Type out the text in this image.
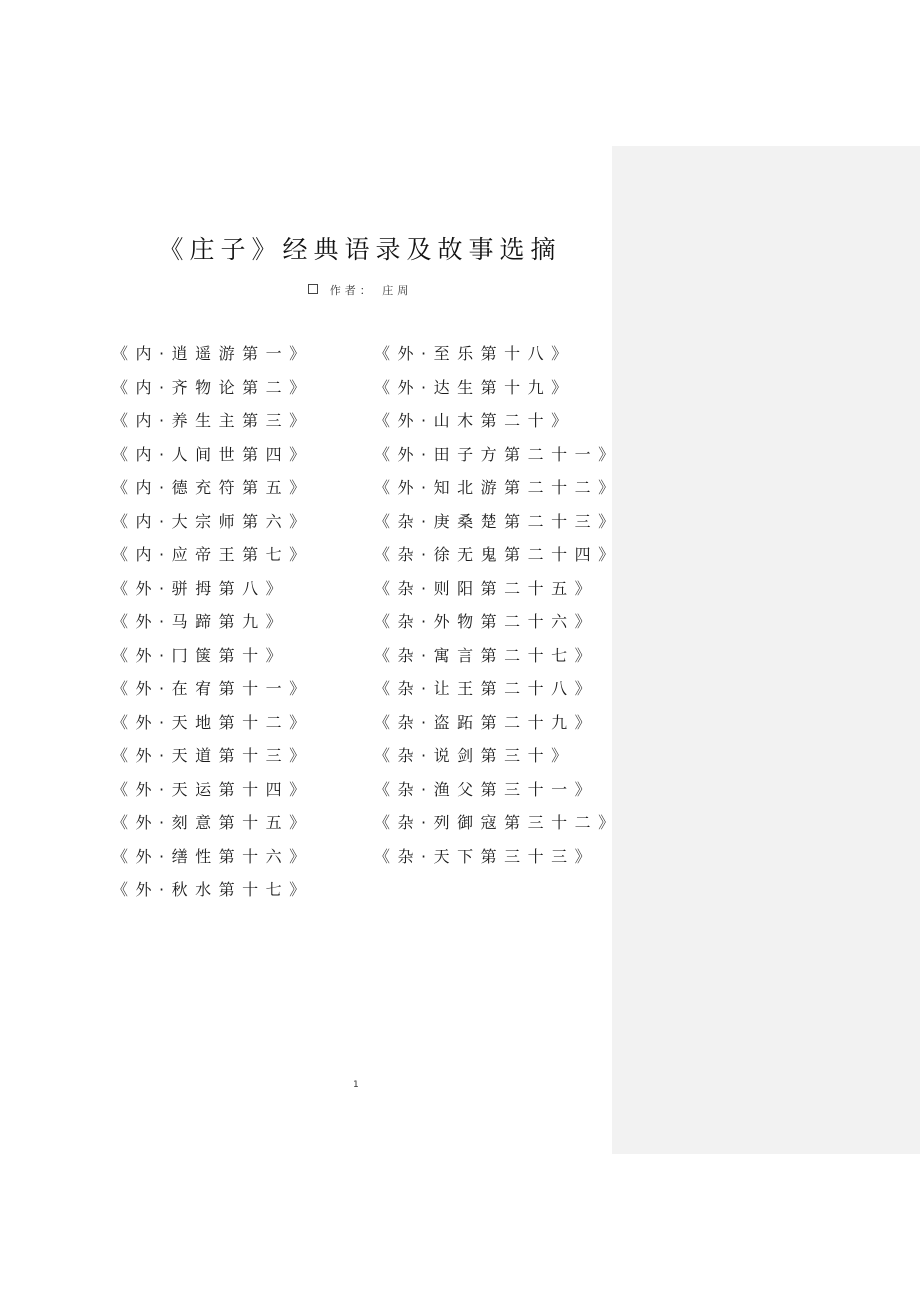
《庄子》经典语录及故事选摘
作者： 庄周
《内·逍遥游第一》
《内·齐物论第二》
《内·养生主第三》
《内·人间世第四》
《内·德充符第五》
《内·大宗师第六》
《内·应帝王第七》
《外·骈拇第八》
《外·马蹄第九》
《外·冂箧第十》
《外·在宥第十一》
《外·天地第十二》
《外·天道第十三》
《外·天运第十四》
《外·刻意第十五》
《外·缮性第十六》
《外·秋水第十七》
《外·至乐第十八》
《外·达生第十九》
《外·山木第二十》
《外·田子方第二十一》
《外·知北游第二十二》
《杂·庚桑楚第二十三》
《杂·徐无鬼第二十四》
《杂·则阳第二十五》
《杂·外物第二十六》
《杂·寓言第二十七》
《杂·让王第二十八》
《杂·盗跖第二十九》
《杂·说剑第三十》
《杂·渔父第三十一》
《杂·列御寇第三十二》
《杂·天下第三十三》
1
